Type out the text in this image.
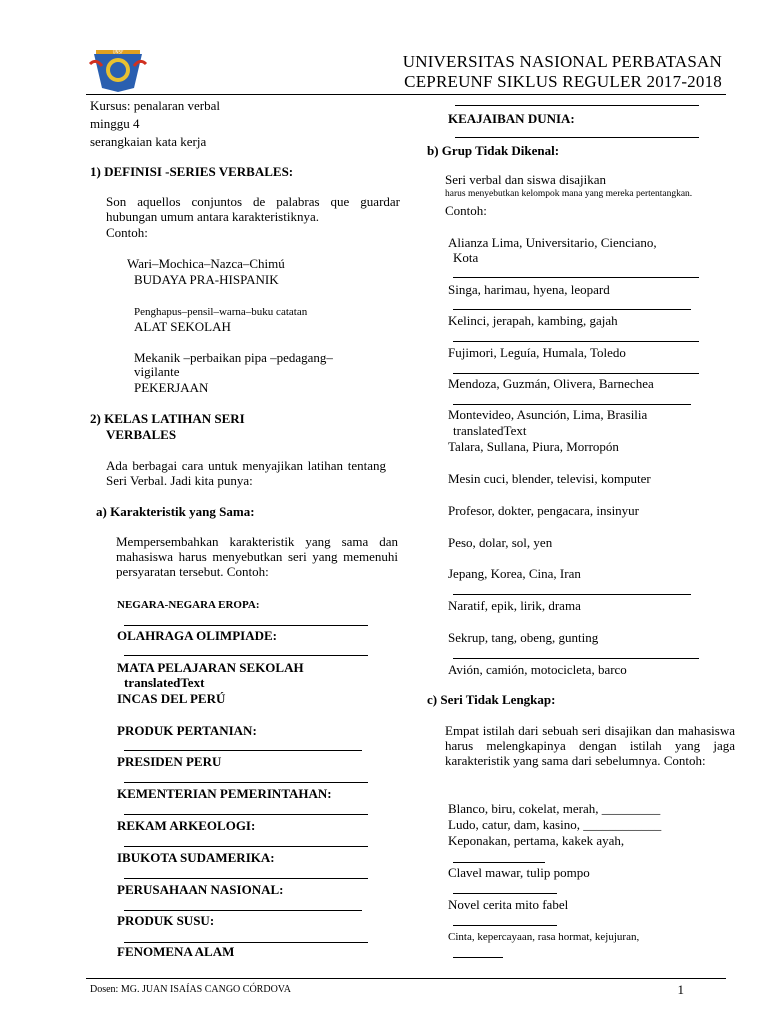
UNSF	UNIVERSITAS NASIONAL PERBATASAN
CEPREUNF SIKLUS REGULER 2017-2018
Kursus: penalaran verbal
minggu 4
serangkaian kata kerja
1) DEFINISI -SERIES VERBALES:
Son aquellos conjuntos de palabras que guardar hubungan umum antara karakteristiknya.
Contoh:
Wari–Mochica–Nazca–Chimú
BUDAYA PRA-HISPANIK
Penghapus–pensil–warna–buku catatan
ALAT SEKOLAH
Mekanik –perbaikan pipa –pedagang–
vigilante
PEKERJAAN
2) KELAS LATIHAN SERI
VERBALES
Ada berbagai cara untuk menyajikan latihan tentang Seri Verbal. Jadi kita punya:
a) Karakteristik yang Sama:
Mempersembahkan karakteristik yang sama dan mahasiswa harus menyebutkan seri yang memenuhi persyaratan tersebut. Contoh:
NEGARA-NEGARA EROPA:
OLAHRAGA OLIMPIADE:
MATA PELAJARAN SEKOLAH
translatedText
INCAS DEL PERÚ
PRODUK PERTANIAN:
PRESIDEN PERU
KEMENTERIAN PEMERINTAHAN:
REKAM ARKEOLOGI:
IBUKOTA SUDAMERIKA:
PERUSAHAAN NASIONAL:
PRODUK SUSU:
FENOMENA ALAM
KEAJAIBAN DUNIA:
b) Grup Tidak Dikenal:
Seri verbal dan siswa disajikan
harus menyebutkan kelompok mana yang mereka pertentangkan.
Contoh:
Alianza Lima, Universitario, Cienciano,
Kota
Singa, harimau, hyena, leopard
Kelinci, jerapah, kambing, gajah
Fujimori, Leguía, Humala, Toledo
Mendoza, Guzmán, Olivera, Barnechea
Montevideo, Asunción, Lima, Brasilia
translatedText
Talara, Sullana, Piura, Morropón
Mesin cuci, blender, televisi, komputer
Profesor, dokter, pengacara, insinyur
Peso, dolar, sol, yen
Jepang, Korea, Cina, Iran
Naratif, epik, lirik, drama
Sekrup, tang, obeng, gunting
Avión, camión, motocicleta, barco
c) Seri Tidak Lengkap:
Empat istilah dari sebuah seri disajikan dan mahasiswa harus melengkapinya dengan istilah yang jaga karakteristik yang sama dari sebelumnya. Contoh:
Blanco, biru, cokelat, merah, _________
Ludo, catur, dam, kasino, ____________
Keponakan, pertama, kakek ayah,
Clavel mawar, tulip pompo
Novel cerita mito fabel
Cinta, kepercayaan, rasa hormat, kejujuran,
Dosen: MG. JUAN ISAÍAS CANGO CÓRDOVA	1
